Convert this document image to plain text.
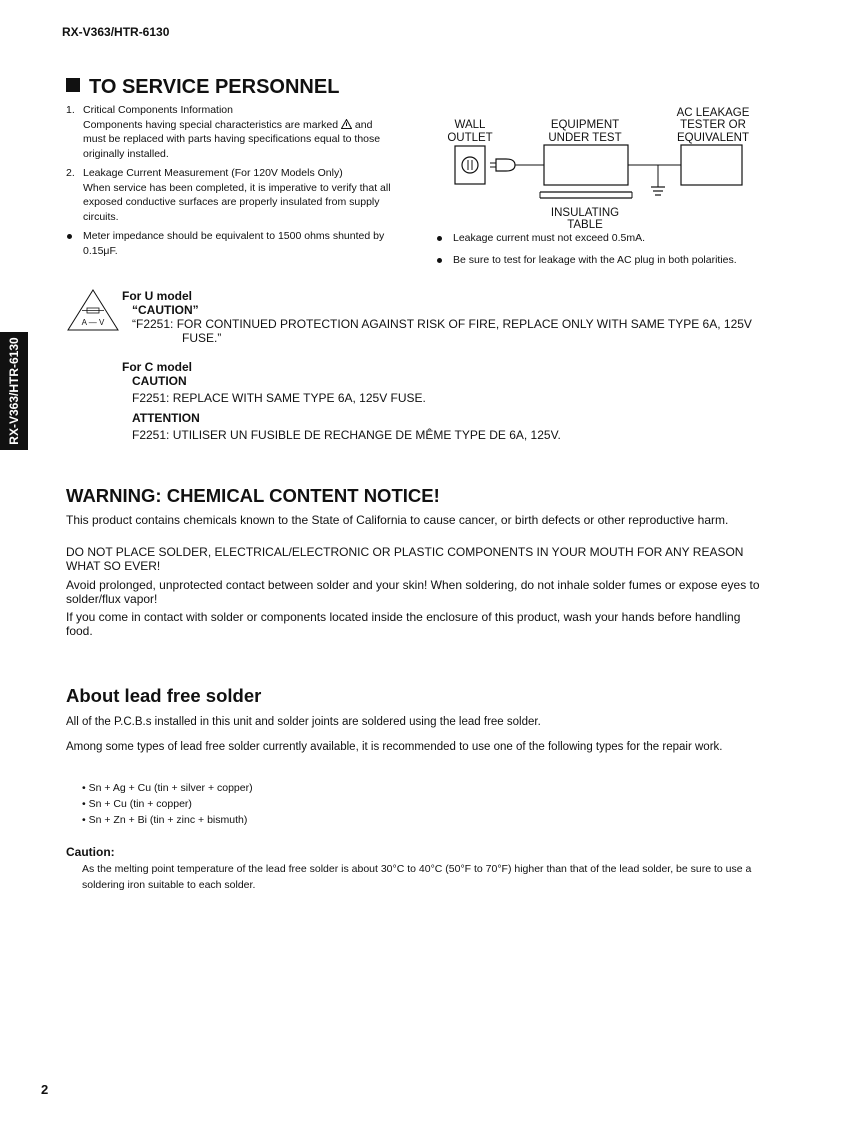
RX-V363/HTR-6130
RX-V363/HTR-6130
TO SERVICE PERSONNEL
1. Critical Components Information
Components having special characteristics are marked and must be replaced with parts having specifications equal to those originally installed.
2. Leakage Current Measurement (For 120V Models Only)
When service has been completed, it is imperative to verify that all exposed conductive surfaces are properly insulated from supply circuits.
Meter impedance should be equivalent to 1500 ohms shunted by 0.15μF.
WALL
OUTLET
EQUIPMENT
UNDER TEST
AC LEAKAGE
TESTER OR
EQUIVALENT
INSULATING
TABLE
Leakage current must not exceed 0.5mA.
Be sure to test for leakage with the AC plug in both polarities.
A — V
For U model
“CAUTION”
“F2251: FOR CONTINUED PROTECTION AGAINST RISK OF FIRE, REPLACE ONLY WITH SAME TYPE 6A, 125V FUSE.”
For C model
CAUTION
F2251: REPLACE WITH SAME TYPE 6A, 125V FUSE.
ATTENTION
F2251: UTILISER UN FUSIBLE DE RECHANGE DE MÊME TYPE DE 6A, 125V.
WARNING: CHEMICAL CONTENT NOTICE!
This product contains chemicals known to the State of California to cause cancer, or birth defects or other reproductive harm.
DO NOT PLACE SOLDER, ELECTRICAL/ELECTRONIC OR PLASTIC COMPONENTS IN YOUR MOUTH FOR ANY REASON WHAT SO EVER!
Avoid prolonged, unprotected contact between solder and your skin! When soldering, do not inhale solder fumes or expose eyes to solder/flux vapor!
If you come in contact with solder or components located inside the enclosure of this product, wash your hands before handling food.
About lead free solder
All of the P.C.B.s installed in this unit and solder joints are soldered using the lead free solder.
Among some types of lead free solder currently available, it is recommended to use one of the following types for the repair work.
• Sn + Ag + Cu (tin + silver + copper)
• Sn + Cu (tin + copper)
• Sn + Zn + Bi (tin + zinc + bismuth)
Caution:
As the melting point temperature of the lead free solder is about 30°C to 40°C (50°F to 70°F) higher than that of the lead solder, be sure to use a soldering iron suitable to each solder.
2
